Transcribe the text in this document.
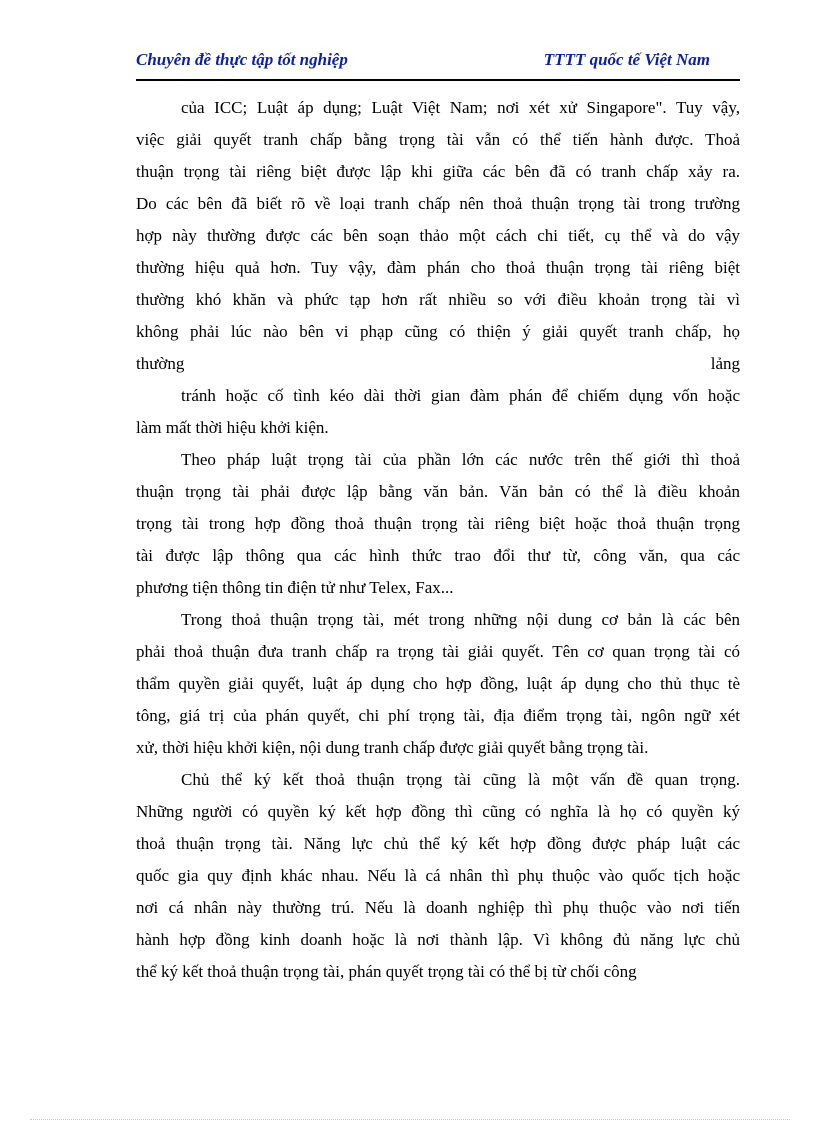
Chuyên đề thực tập tốt nghiệp	TTTT quốc tế Việt Nam
của ICC; Luật áp dụng; Luật Việt Nam; nơi xét xử Singapore". Tuy vậy,
việc giải quyết tranh chấp bằng trọng tài vẫn có thể tiến hành được. Thoả
thuận trọng tài riêng biệt được lập khi giữa các bên đã có tranh chấp xảy ra.
Do các bên đã biết rõ về loại tranh chấp nên thoả thuận trọng tài trong trường
hợp này thường được các bên soạn thảo một cách chi tiết, cụ thể và do vậy
thường hiệu quả hơn. Tuy vậy, đàm phán cho thoả thuận trọng tài riêng biệt
thường khó khăn và phức tạp hơn rất nhiều so với điều khoản trọng tài vì
không phải lúc nào bên vi phạp cũng có thiện ý giải quyết tranh chấp, họ
thường lảng
tránh hoặc cố tình kéo dài thời gian đàm phán để chiếm dụng vốn hoặc
làm mất thời hiệu khởi kiện.
Theo pháp luật trọng tài của phần lớn các nước trên thế giới thì thoả
thuận trọng tài phải được lập bằng văn bản. Văn bản có thể là điều khoản
trọng tài trong hợp đồng thoả thuận trọng tài riêng biệt hoặc thoả thuận trọng
tài được lập thông qua các hình thức trao đổi thư từ, công văn, qua các
phương tiện thông tin điện tử như Telex, Fax...
Trong thoả thuận trọng tài, mét trong những nội dung cơ bản là các bên
phải thoả thuận đưa tranh chấp ra trọng tài giải quyết. Tên cơ quan trọng tài có
thẩm quyền giải quyết, luật áp dụng cho hợp đồng, luật áp dụng cho thủ thục tè
tông, giá trị của phán quyết, chi phí trọng tài, địa điểm trọng tài, ngôn ngữ xét
xử, thời hiệu khởi kiện, nội dung tranh chấp được giải quyết bằng trọng tài.
Chủ thể ký kết thoả thuận trọng tài cũng là một vấn đề quan trọng.
Những người có quyền ký kết hợp đồng thì cũng có nghĩa là họ có quyền ký
thoả thuận trọng tài. Năng lực chủ thể ký kết hợp đồng được pháp luật các
quốc gia quy định khác nhau. Nếu là cá nhân thì phụ thuộc vào quốc tịch hoặc
nơi cá nhân này thường trú. Nếu là doanh nghiệp thì phụ thuộc vào nơi tiến
hành hợp đồng kinh doanh hoặc là nơi thành lập. Vì không đủ năng lực chủ
thể ký kết thoả thuận trọng tài, phán quyết trọng tài có thể bị từ chối công
